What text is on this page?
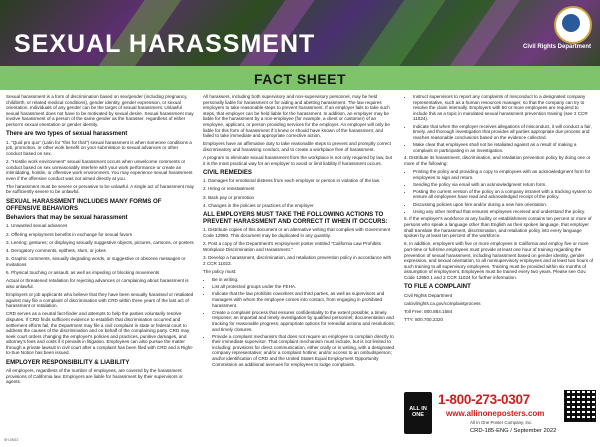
SEXUAL HARASSMENT	Civil Rights Department
FACT SHEET

Sexual harassment is a form of discrimination based on sex/gender (including pregnancy, childbirth, or related medical conditions), gender identity, gender expression, or sexual orientation. Individuals of any gender can be the target of sexual harassment. Unlawful sexual harassment does not have to be motivated by sexual desire. Sexual harassment may involve harassment of a person of the same gender as the harasser, regardless of either person's sexual orientation or gender identity.

There are two types of sexual harassment

1. "Quid pro quo" (Latin for "this for that") sexual harassment is when someone conditions a job, promotion, or other work benefit on your submission to sexual advances or other conduct based on sex.

2. "Hostile work environment" sexual harassment occurs when unwelcome comments or conduct based on sex unreasonably interfere with your work performance or create an intimidating, hostile, or offensive work environment. You may experience sexual harassment even if the offensive conduct was not aimed directly at you.

The harassment must be severe or pervasive to be unlawful. A single act of harassment may be sufficiently severe to be unlawful.

SEXUAL HARASSMENT INCLUDES MANY FORMS OF OFFENSIVE BEHAVIORS
Behaviors that may be sexual harassment

1. Unwanted sexual advances

2. Offering employment benefits in exchange for sexual favors

3. Leering; gestures; or displaying sexually suggestive objects, pictures, cartoons, or posters

4. Derogatory comments, epithets, slurs, or jokes

5. Graphic comments, sexually degrading words, or suggestive or obscene messages or invitations

6. Physical touching or assault, as well as impeding or blocking movements

Actual or threatened retaliation for rejecting advances or complaining about harassment is also unlawful.

Employers or job applicants who believe that they have been sexually harassed or retaliated against may file a complaint of discrimination with CRD within three years of the last act of harassment or retaliation.

CRD serves as a neutral fact-finder and attempts to help the parties voluntarily resolve disputes. If CRD finds sufficient evidence to establish that discrimination occurred and settlement efforts fail, the Department may file a civil complaint in state or federal court to address the causes of the discrimination and on behalf of the complaining party. CRD may seek court orders changing the employer's policies and practices, punitive damages, and attorney's fees and costs if it prevails in litigation. Employees can also pursue the matter through a private lawsuit in civil court after a complaint has been filed with CRD and a Right-to-Sue Notice has been issued.

EMPLOYER RESPONSIBILITY & LIABILITY

All employers, regardless of the number of employees, are covered by the harassment provisions of California law. Employers are liable for harassment by their supervisors or agents.

All harassers, including both supervisory and non-supervisory personnel, may be held personally liable for harassment or for aiding and abetting harassment. The law requires employers to take reasonable steps to prevent harassment. If an employer fails to take such steps, that employer can be held liable for the harassment. In addition, an employer may be liable for the harassment by a non-employee (for example, a client or customer) of an employee, applicant, or person providing services for the employer. An employer will only be liable for this form of harassment if it knew or should have known of the harassment, and failed to take immediate and appropriate corrective action.

Employers have an affirmative duty to take reasonable steps to prevent and promptly correct discriminatory and harassing conduct, and to create a workplace free of harassment.

A program to eliminate sexual harassment from the workplace is not only required by law, but it is the most practical way for an employer to avoid or limit liability if harassment occurs.

CIVIL REMEDIES

1. Damages for emotional distress from each employer or person in violation of the law.

2. Hiring or reinstatement

3. Back pay or promotion

4. Changes in the policies or practices of the employer

ALL EMPLOYERS MUST TAKE THE FOLLOWING ACTIONS TO PREVENT HARASSMENT AND CORRECT IT WHEN IT OCCURS:

1. Distribute copies of this document or an alternative writing that complies with Government Code 12950. This document may be duplicated in any quantity.

2. Post a copy of the Department's employment poster entitled "California Law Prohibits Workplace Discrimination and Harassment."

3. Develop a harassment, discrimination, and retaliation prevention policy in accordance with 2 CCR 11023.

The policy must:

• Be in writing.
• List all protected groups under the FEHA.
• Indicate that the law prohibits coworkers and third parties, as well as supervisors and managers with whom the employee comes into contact, from engaging in prohibited harassment.
• Create a complaint process that ensures confidentiality to the extent possible; a timely response; an impartial and timely investigation by qualified personnel; documentation and tracking for reasonable progress; appropriate options for remedial actions and resolutions; and timely closures.
• Provide a complaint mechanism that does not require an employee to complain directly to their immediate supervisor. That complaint mechanism must include, but is not limited to including: provisions for direct communication, either orally or in writing, with a designated company representative; and/or a complaint hotline; and/or access to an ombudsperson; and/or identification of CRD and the United States Equal Employment Opportunity Commission as additional avenues for employees to lodge complaints.
• Instruct supervisors to report any complaints of misconduct to a designated company representative, such as a human resources manager, so that the company can try to resolve the claim internally. Employers with 50 or more employees are required to include this as a topic in mandated sexual harassment prevention training (see 2 CCR 11024).
• Indicate that when the employer receives allegations of misconduct, it will conduct a fair, timely, and thorough investigation that provides all parties appropriate due process and reaches reasonable conclusions based on the evidence collected.
• Make clear that employees shall not be retaliated against as a result of making a complaint or participating in an investigation.

4. Distribute its harassment, discrimination, and retaliation prevention policy by doing one or more of the following:

• Printing the policy and providing a copy to employees with an acknowledgment form for employees to sign and return.
• Sending the policy via email with an acknowledgment return form.
• Posting the current version of the policy on a company intranet with a tracking system to ensure all employees have read and acknowledged receipt of the policy.
• Discussing policies upon hire and/or during a new hire orientation.
• Using any other method that ensures employees received and understand the policy.

5. If the employer's workforce at any facility or establishment contains ten percent or more of persons who speak a language other than English as their spoken language, that employer shall translate the harassment, discrimination, and retaliation policy into every language spoken by at least ten percent of the workforce.

6. In addition, employers with five or more employees in California and employ five or more part-time or full-time employees must provide at least one hour of training regarding the prevention of sexual harassment, including harassment based on gender identity, gender expression, and sexual orientation, to all nonsupervisory employees and at least two hours of such training to all supervisory employees. Training must be provided within six months of assumption of employment. Employees must be trained every two years. Please see Gov. Code 12950.1 and 2 CCR 11024 for further information.

TO FILE A COMPLAINT

Civil Rights Department

calcivilrights.ca.gov/complaintprocess

Toll Free: 800.884.1684

TTY: 800.700.2320

ALL IN ONE
1-800-273-0307
www.allinoneposters.com
All In One Poster Company, Inc.
CRD-185-ENG / September 2022
SH-09/22
